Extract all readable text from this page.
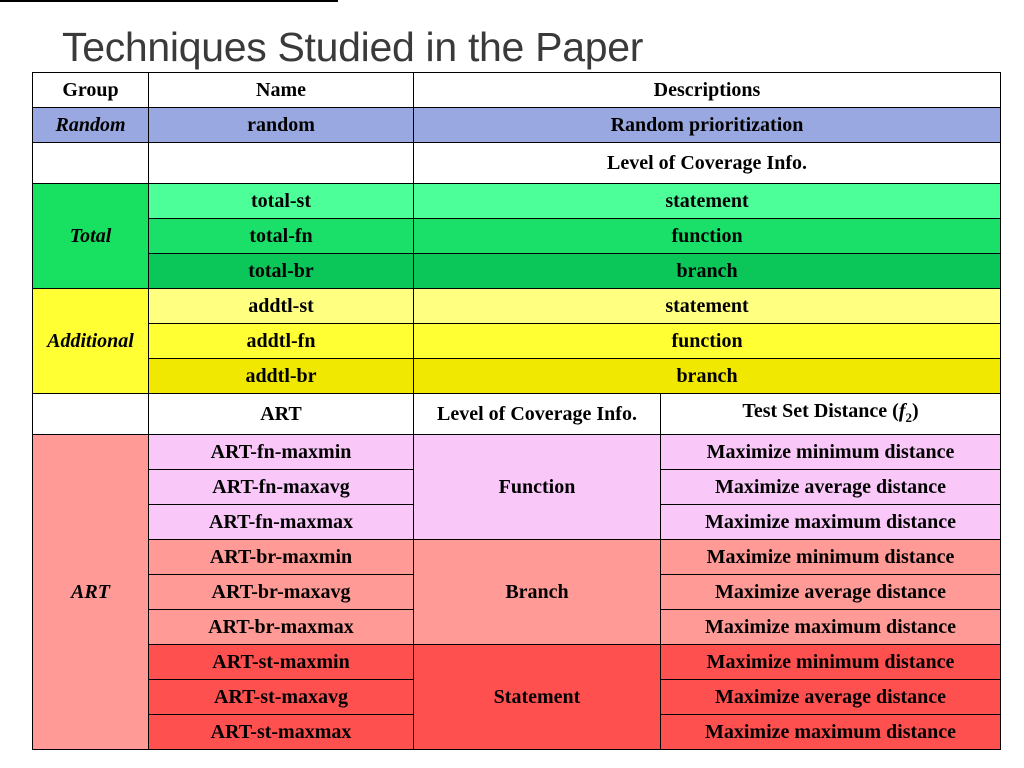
Techniques Studied in the Paper
Group	Name	Descriptions	
Random	random	Random prioritization	
		Level of Coverage Info.	
Total	total-st	statement	
	total-fn	function	
	total-br	branch	
Additional	addtl-st	statement	
	addtl-fn	function	
	addtl-br	branch	
	ART	Level of Coverage Info.	Test Set Distance $(f_2)$
ART	ART-fn-maxmin	Function	Maximize minimum distance
	ART-fn-maxavg		Maximize average distance
	ART-fn-maxmax		Maximize maximum distance
	ART-br-maxmin	Branch	Maximize minimum distance
	ART-br-maxavg		Maximize average distance
	ART-br-maxmax		Maximize maximum distance
	ART-st-maxmin	Statement	Maximize minimum distance
	ART-st-maxavg		Maximize average distance
	ART-st-maxmax		Maximize maximum distance
